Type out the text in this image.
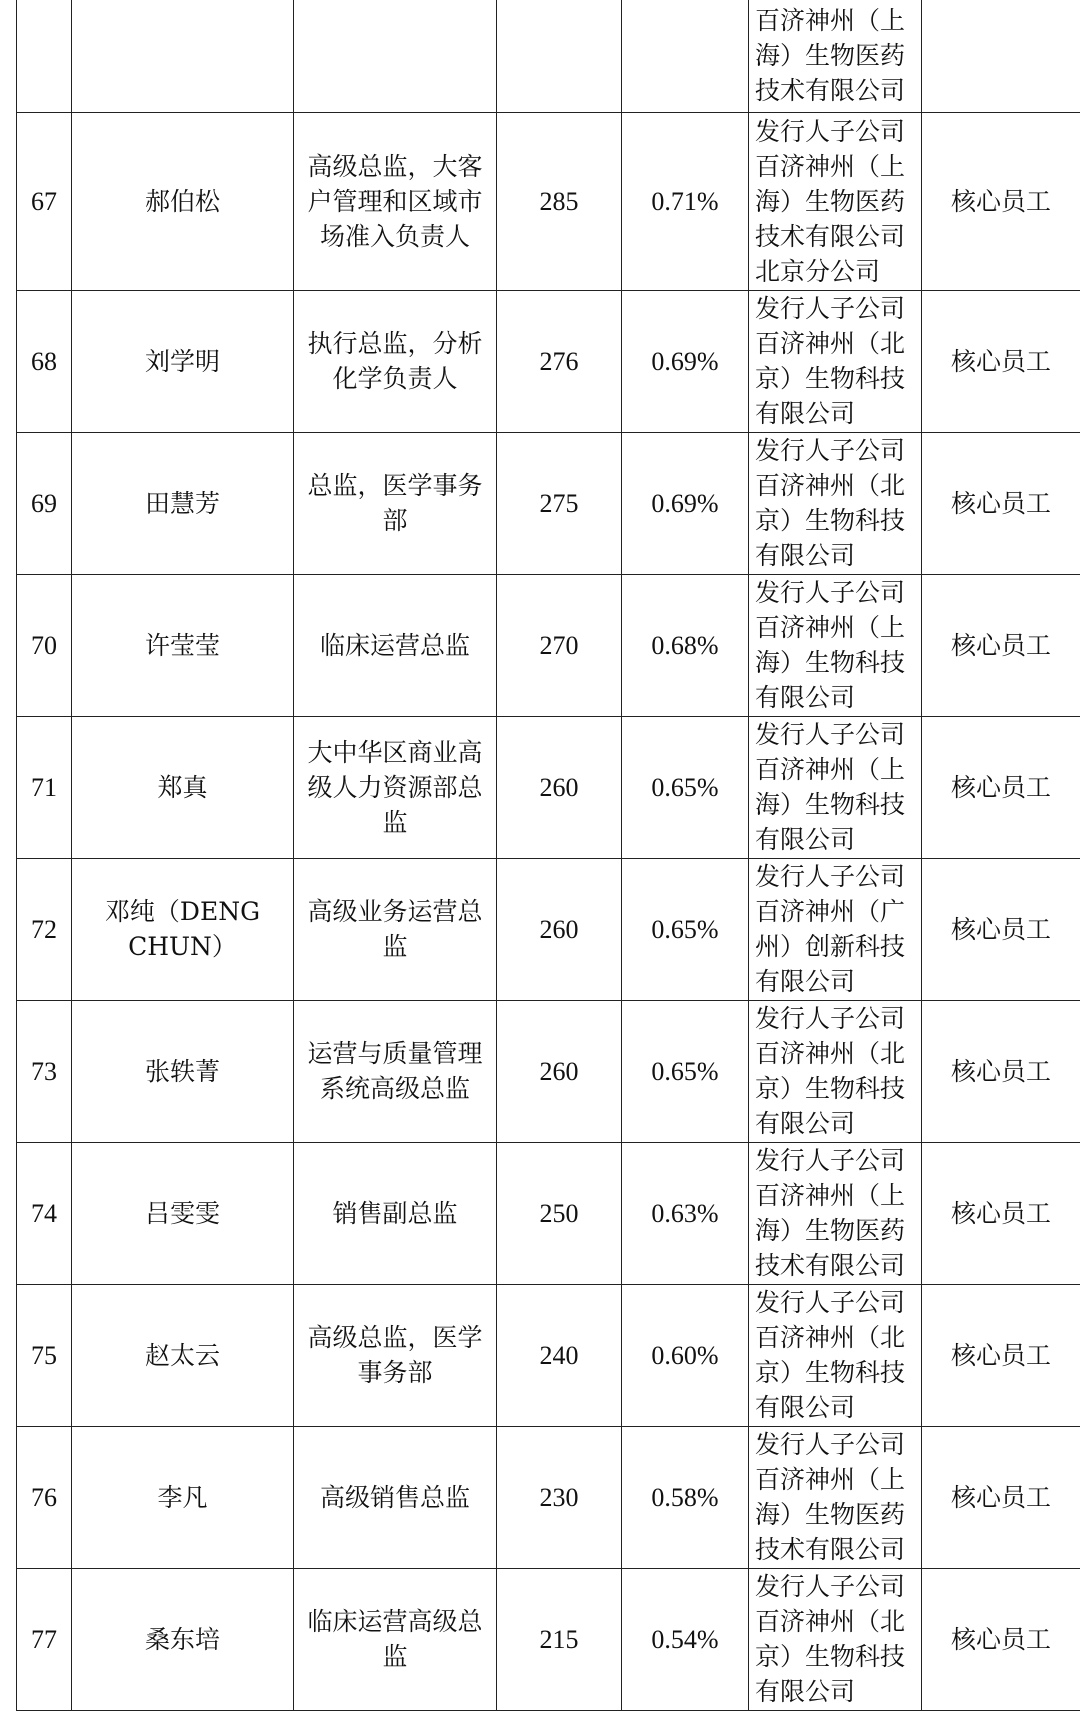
					百济神州（上
海）生物医药
技术有限公司	
67	郝伯松	高级总监，大客
户管理和区域市
场准入负责人	285	0.71%	发行人子公司
百济神州（上
海）生物医药
技术有限公司
北京分公司	核心员工
68	刘学明	执行总监，分析
化学负责人	276	0.69%	发行人子公司
百济神州（北
京）生物科技
有限公司	核心员工
69	田慧芳	总监，医学事务
部	275	0.69%	发行人子公司
百济神州（北
京）生物科技
有限公司	核心员工
70	许莹莹	临床运营总监	270	0.68%	发行人子公司
百济神州（上
海）生物科技
有限公司	核心员工
71	郑真	大中华区商业高
级人力资源部总
监	260	0.65%	发行人子公司
百济神州（上
海）生物科技
有限公司	核心员工
72	邓纯（DENG
CHUN）	高级业务运营总
监	260	0.65%	发行人子公司
百济神州（广
州）创新科技
有限公司	核心员工
73	张轶菁	运营与质量管理
系统高级总监	260	0.65%	发行人子公司
百济神州（北
京）生物科技
有限公司	核心员工
74	吕雯雯	销售副总监	250	0.63%	发行人子公司
百济神州（上
海）生物医药
技术有限公司	核心员工
75	赵太云	高级总监，医学
事务部	240	0.60%	发行人子公司
百济神州（北
京）生物科技
有限公司	核心员工
76	李凡	高级销售总监	230	0.58%	发行人子公司
百济神州（上
海）生物医药
技术有限公司	核心员工
77	桑东培	临床运营高级总
监	215	0.54%	发行人子公司
百济神州（北
京）生物科技
有限公司	核心员工
